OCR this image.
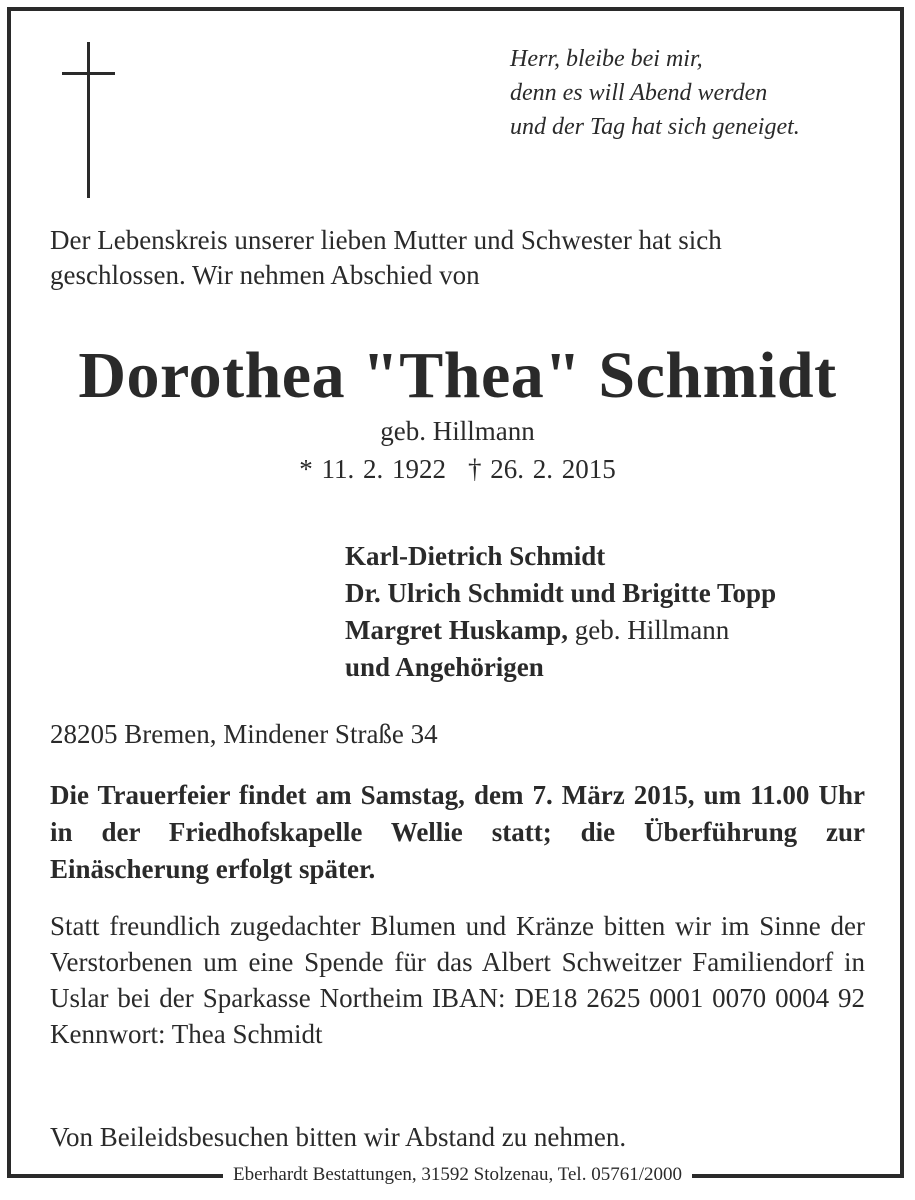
Herr, bleibe bei mir,
denn es will Abend werden
und der Tag hat sich geneiget.
Der Lebenskreis unserer lieben Mutter und Schwester hat sich
geschlossen. Wir nehmen Abschied von
Dorothea "Thea" Schmidt
geb. Hillmann
* 11. 2. 1922 † 26. 2. 2015
Karl-Dietrich Schmidt
Dr. Ulrich Schmidt und Brigitte Topp
Margret Huskamp, geb. Hillmann
und Angehörigen
28205 Bremen, Mindener Straße 34
Die Trauerfeier findet am Samstag, dem 7. März 2015, um 11.00 Uhr in der Friedhofskapelle Wellie statt; die Überführung zur Einäscherung erfolgt später.
Statt freundlich zugedachter Blumen und Kränze bitten wir im Sinne der Verstorbenen um eine Spende für das Albert Schweitzer Familiendorf in Uslar bei der Sparkasse Northeim IBAN: DE18 2625 0001 0070 0004 92 Kennwort: Thea Schmidt
Von Beileidsbesuchen bitten wir Abstand zu nehmen.
Eberhardt Bestattungen, 31592 Stolzenau, Tel. 05761/2000
